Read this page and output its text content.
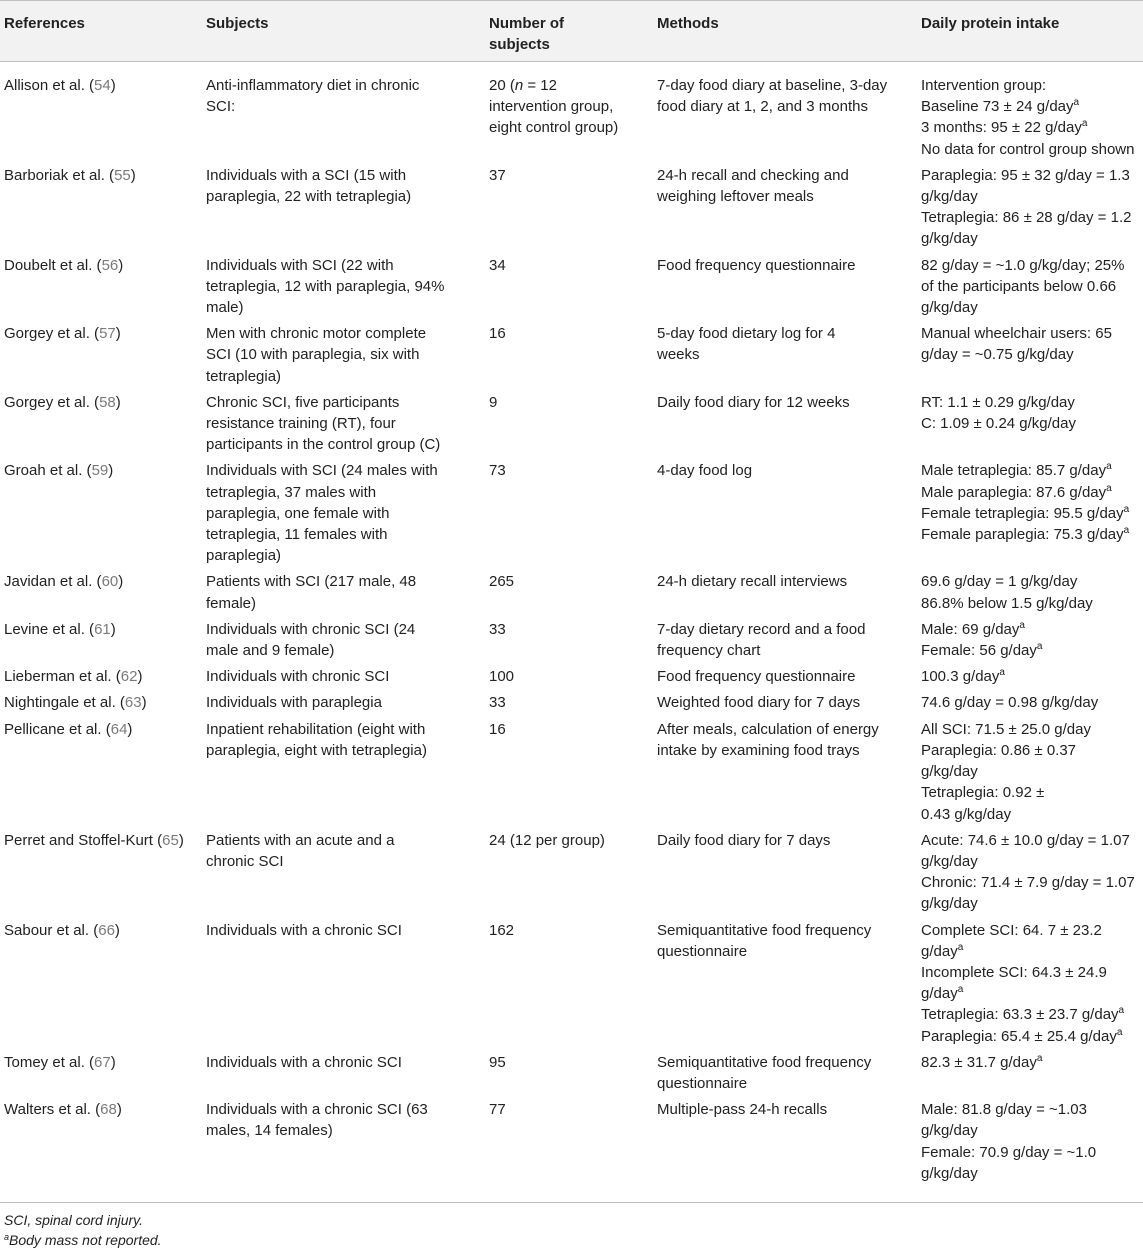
References	Subjects	Number of subjects	Methods	Daily protein intake
Allison et al. (54)	Anti-inflammatory diet in chronic SCI:	20 (n = 12 intervention group, eight control group)	7-day food diary at baseline, 3-day food diary at 1, 2, and 3 months	Intervention group:
Baseline 73 ± 24 g/day$^a$
3 months: 95 ± 22 g/day$^a$
No data for control group shown

Barboriak et al. (55)	Individuals with a SCI (15 with paraplegia, 22 with tetraplegia)	37	24-h recall and checking and weighing leftover meals	Paraplegia: 95 ± 32 g/day = 1.3 g/kg/day
Tetraplegia: 86 ± 28 g/day = 1.2 g/kg/day

Doubelt et al. (56)	Individuals with SCI (22 with tetraplegia, 12 with paraplegia, 94% male)	34	Food frequency questionnaire	82 g/day = ~1.0 g/kg/day; 25% of the participants below 0.66 g/kg/day

Gorgey et al. (57)	Men with chronic motor complete SCI (10 with paraplegia, six with tetraplegia)	16	5-day food dietary log for 4 weeks	Manual wheelchair users: 65 g/day = ~0.75 g/kg/day

Gorgey et al. (58)	Chronic SCI, five participants resistance training (RT), four participants in the control group (C)	9	Daily food diary for 12 weeks	RT: 1.1 ± 0.29 g/kg/day
C: 1.09 ± 0.24 g/kg/day

Groah et al. (59)	Individuals with SCI (24 males with tetraplegia, 37 males with paraplegia, one female with tetraplegia, 11 females with paraplegia)	73	4-day food log	Male tetraplegia: 85.7 g/day$^a$
Male paraplegia: 87.6 g/day$^a$
Female tetraplegia: 95.5 g/day$^a$
Female paraplegia: 75.3 g/day$^a$

Javidan et al. (60)	Patients with SCI (217 male, 48 female)	265	24-h dietary recall interviews	69.6 g/day = 1 g/kg/day
86.8% below 1.5 g/kg/day

Levine et al. (61)	Individuals with chronic SCI (24 male and 9 female)	33	7-day dietary record and a food frequency chart	Male: 69 g/day$^a$
Female: 56 g/day$^a$

Lieberman et al. (62)	Individuals with chronic SCI	100	Food frequency questionnaire	100.3 g/day$^a$

Nightingale et al. (63)	Individuals with paraplegia	33	Weighted food diary for 7 days	74.6 g/day = 0.98 g/kg/day

Pellicane et al. (64)	Inpatient rehabilitation (eight with paraplegia, eight with tetraplegia)	16	After meals, calculation of energy intake by examining food trays	All SCI: 71.5 ± 25.0 g/day
Paraplegia: 0.86 ± 0.37 g/kg/day
Tetraplegia: 0.92 ± 0.43 g/kg/day

Perret and Stoffel-Kurt (65)	Patients with an acute and a chronic SCI	24 (12 per group)	Daily food diary for 7 days	Acute: 74.6 ± 10.0 g/day = 1.07 g/kg/day
Chronic: 71.4 ± 7.9 g/day = 1.07 g/kg/day

Sabour et al. (66)	Individuals with a chronic SCI	162	Semiquantitative food frequency questionnaire	Complete SCI: 64. 7 ± 23.2 g/day$^a$
Incomplete SCI: 64.3 ± 24.9 g/day$^a$
Tetraplegia: 63.3 ± 23.7 g/day$^a$
Paraplegia: 65.4 ± 25.4 g/day$^a$

Tomey et al. (67)	Individuals with a chronic SCI	95	Semiquantitative food frequency questionnaire	82.3 ± 31.7 g/day$^a$

Walters et al. (68)	Individuals with a chronic SCI (63 males, 14 females)	77	Multiple-pass 24-h recalls	Male: 81.8 g/day = ~1.03 g/kg/day
Female: 70.9 g/day = ~1.0 g/kg/day
SCI, spinal cord injury.
$^a$Body mass not reported.
